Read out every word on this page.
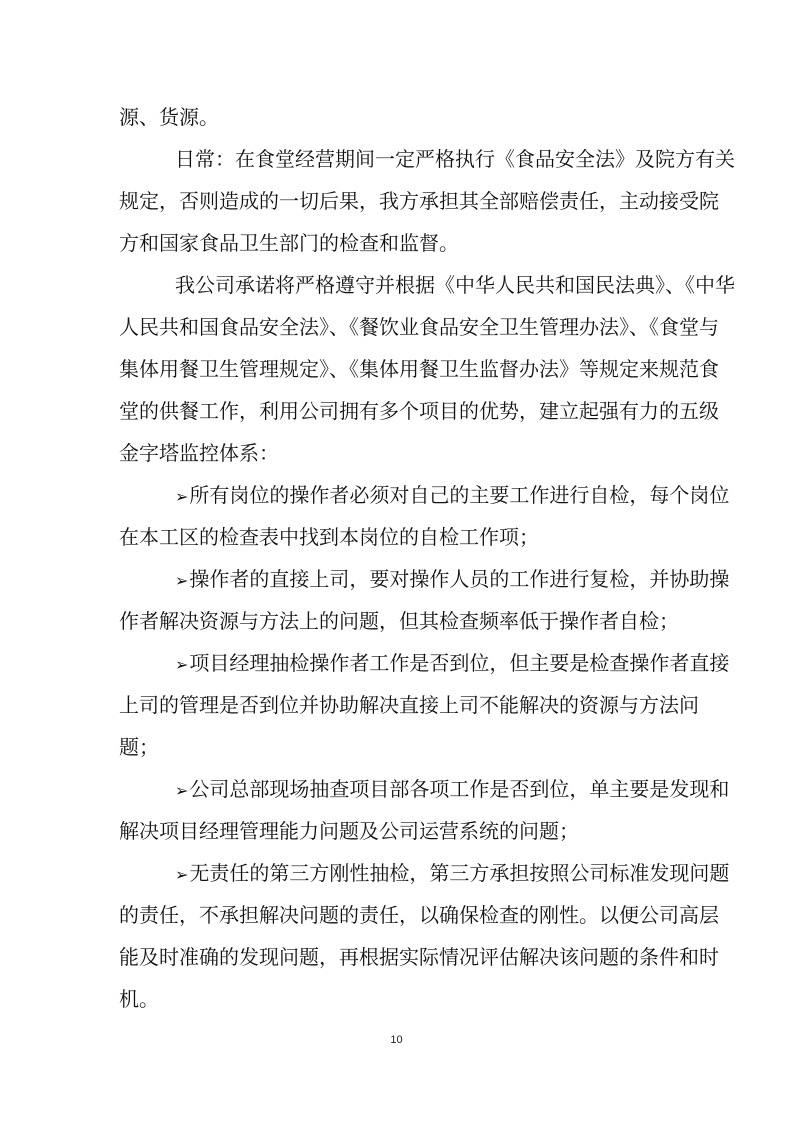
源、货源。
日常：在食堂经营期间一定严格执行《食品安全法》及院方有关
规定，否则造成的一切后果，我方承担其全部赔偿责任，主动接受院
方和国家食品卫生部门的检查和监督。
我公司承诺将严格遵守并根据《中华人民共和国民法典》、《中华
人民共和国食品安全法》、《餐饮业食品安全卫生管理办法》、《食堂与
集体用餐卫生管理规定》、《集体用餐卫生监督办法》等规定来规范食
堂的供餐工作，利用公司拥有多个项目的优势，建立起强有力的五级
金字塔监控体系：
➢所有岗位的操作者必须对自己的主要工作进行自检，每个岗位
在本工区的检查表中找到本岗位的自检工作项；
➢操作者的直接上司，要对操作人员的工作进行复检，并协助操
作者解决资源与方法上的问题，但其检查频率低于操作者自检；
➢项目经理抽检操作者工作是否到位，但主要是检查操作者直接
上司的管理是否到位并协助解决直接上司不能解决的资源与方法问
题；
➢公司总部现场抽查项目部各项工作是否到位，单主要是发现和
解决项目经理管理能力问题及公司运营系统的问题；
➢无责任的第三方刚性抽检，第三方承担按照公司标准发现问题
的责任，不承担解决问题的责任，以确保检查的刚性。以便公司高层
能及时准确的发现问题，再根据实际情况评估解决该问题的条件和时
机。
10
